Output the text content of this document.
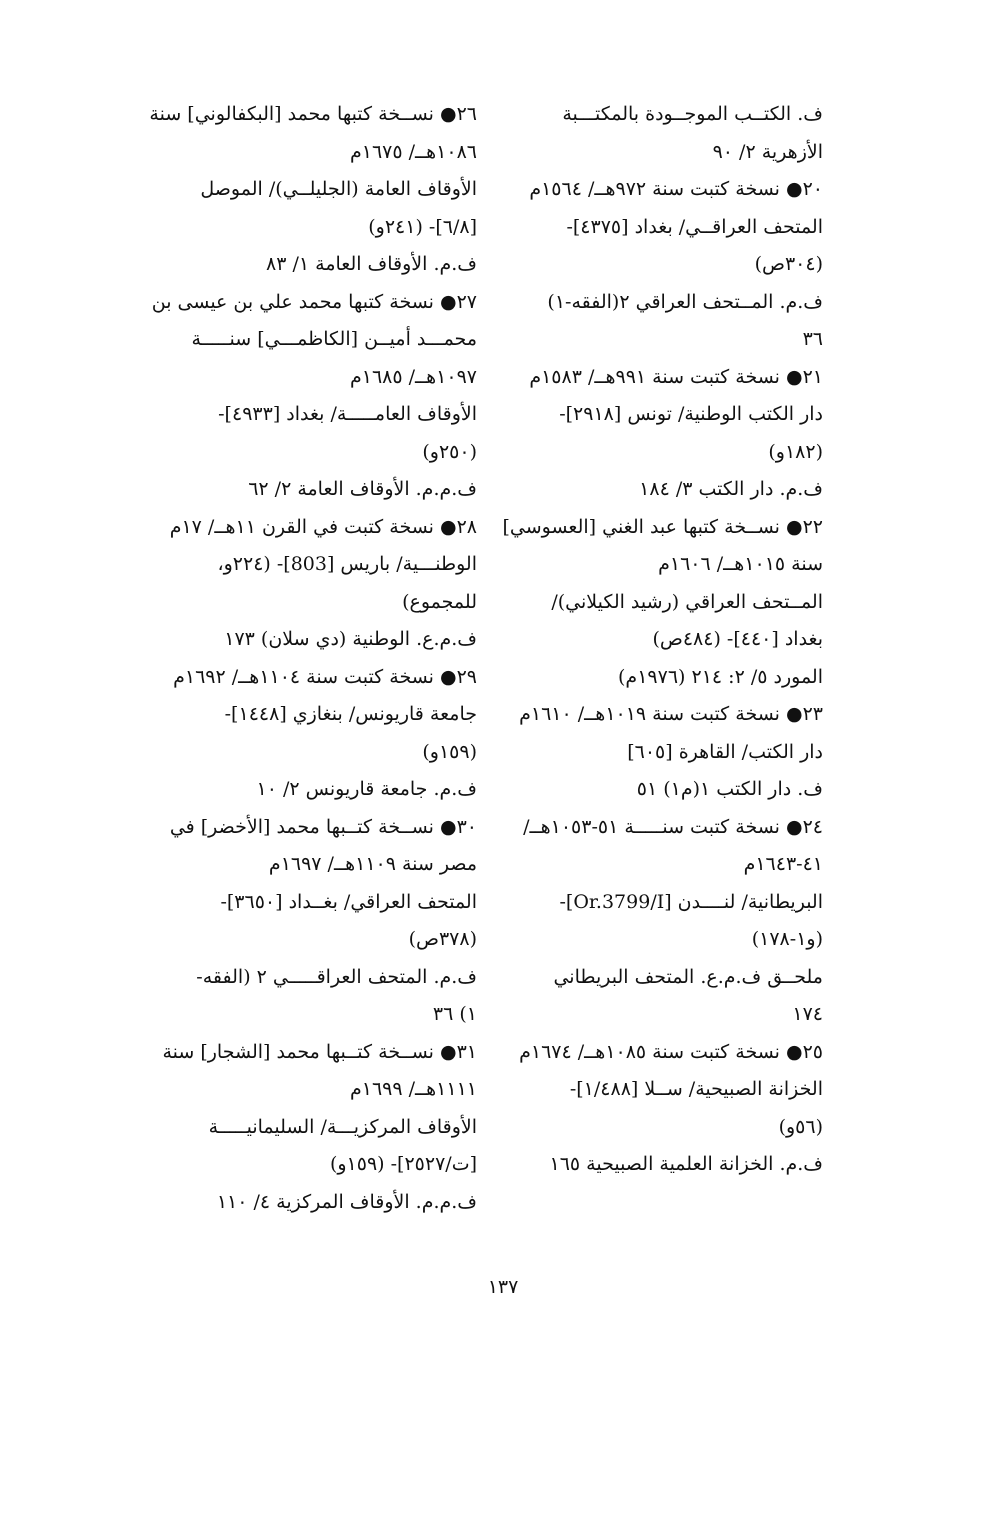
ف. الكتــب الموجــودة بالمكتـــبة
الأزهرية ٢/ ٩٠
٢٠● نسخة كتبت سنة ٩٧٢هــ/ ١٥٦٤م
المتحف العراقــي/ بغداد [٤٣٧٥]-
(٣٠٤ص)
ف.م. المــتحف العراقي ٢(الفقه-١)
٣٦
٢١● نسخة كتبت سنة ٩٩١هــ/ ١٥٨٣م
دار الكتب الوطنية/ تونس [٢٩١٨]-
(١٨٢و)
ف.م. دار الكتب ٣/ ١٨٤
٢٢● نســخة كتبها عبد الغني [العسوسي]
سنة ١٠١٥هــ/ ١٦٠٦م
المــتحف العراقي (رشيد الكيلاني)/
بغداد [٤٤٠]- (٤٨٤ص)
المورد ٥/ ٢: ٢١٤ (١٩٧٦م)
٢٣● نسخة كتبت سنة ١٠١٩هــ/ ١٦١٠م
دار الكتب/ القاهرة [٦٠٥]
ف. دار الكتب ١(م١) ٥١
٢٤● نسخة كتبت سنـــــة ٥١-١٠٥٣هــ/
٤١-١٦٤٣م
البريطانية/ لنــــدن [Or.3799/I]-
(و١-١٧٨)
ملحــق ف.م.ع. المتحف البريطاني
١٧٤
٢٥● نسخة كتبت سنة ١٠٨٥هــ/ ١٦٧٤م
الخزانة الصبيحية/ ســلا [١/٤٨٨]-
(٥٦و)
ف.م. الخزانة العلمية الصبيحية ١٦٥
٢٦● نســخة كتبها محمد [البكفالوني] سنة
١٠٨٦هــ/ ١٦٧٥م
الأوقاف العامة (الجليلــي)/ الموصل
[٦/٨]- (٢٤١و)
ف.م. الأوقاف العامة ١/ ٨٣
٢٧● نسخة كتبها محمد علي بن عيسى بن
محمـــد أميــن [الكاظمـــي] سنـــــة
١٠٩٧هــ/ ١٦٨٥م
الأوقاف العامـــــة/ بغداد [٤٩٣٣]-
(٢٥٠و)
ف.م.م. الأوقاف العامة ٢/ ٦٢
٢٨● نسخة كتبت في القرن ١١هــ/ ١٧م
الوطنـــية/ باريس [803]- (٢٢٤و،
للمجموع)
ف.م.ع. الوطنية (دي سلان) ١٧٣
٢٩● نسخة كتبت سنة ١١٠٤هــ/ ١٦٩٢م
جامعة قاريونس/ بنغازي [١٤٤٨]-
(١٥٩و)
ف.م. جامعة قاريونس ٢/ ١٠
٣٠● نســخة كتــبها محمد [الأخضر] في
مصر سنة ١١٠٩هــ/ ١٦٩٧م
المتحف العراقي/ بغــداد [٣٦٥٠]-
(٣٧٨ص)
ف.م. المتحف العراقـــــي ٢ (الفقه-
١) ٣٦
٣١● نســخة كتــبها محمد [الشجار] سنة
١١١١هــ/ ١٦٩٩م
الأوقاف المركزيـــة/ السليمانيـــــة
[ت/٢٥٢٧]- (١٥٩و)
ف.م.م. الأوقاف المركزية ٤/ ١١٠
١٣٧
